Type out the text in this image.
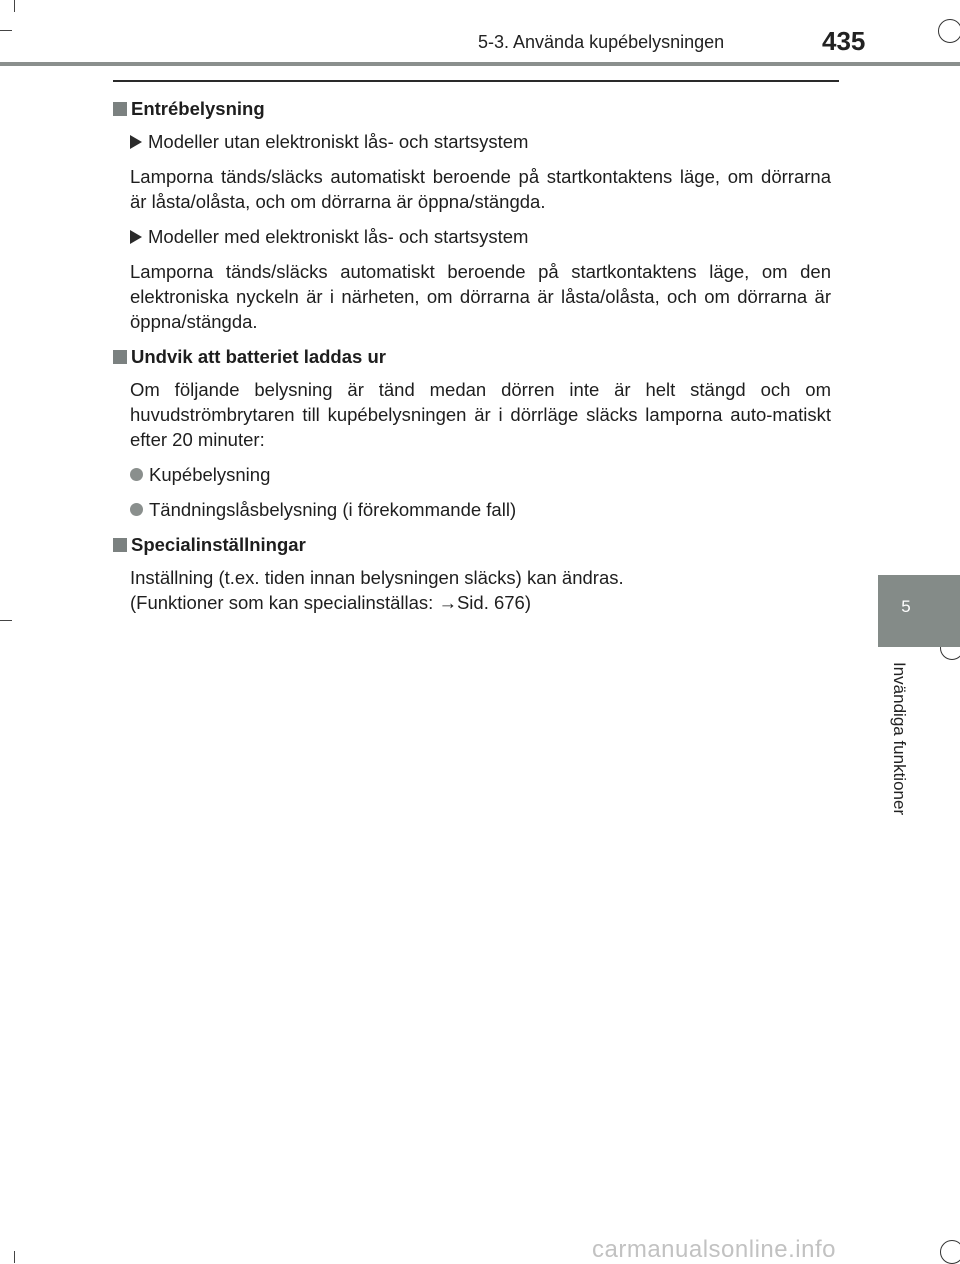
5-3. Använda kupébelysningen	435
5
Invändiga funktioner
Entrébelysning
Modeller utan elektroniskt lås- och startsystem

Lamporna tänds/släcks automatiskt beroende på startkontaktens läge, om dörrarna är låsta/olåsta, och om dörrarna är öppna/stängda.

Modeller med elektroniskt lås- och startsystem

Lamporna tänds/släcks automatiskt beroende på startkontaktens läge, om den elektroniska nyckeln är i närheten, om dörrarna är låsta/olåsta, och om dörrarna är öppna/stängda.

Undvik att batteriet laddas ur

Om följande belysning är tänd medan dörren inte är helt stängd och om huvudströmbrytaren till kupébelysningen är i dörrläge släcks lamporna auto-matiskt efter 20 minuter:

Kupébelysning
Tändningslåsbelysning (i förekommande fall)
Specialinställningar

Inställning (t.ex. tiden innan belysningen släcks) kan ändras.

(Funktioner som kan specialinställas: →Sid. 676)

carmanualsonline.info
